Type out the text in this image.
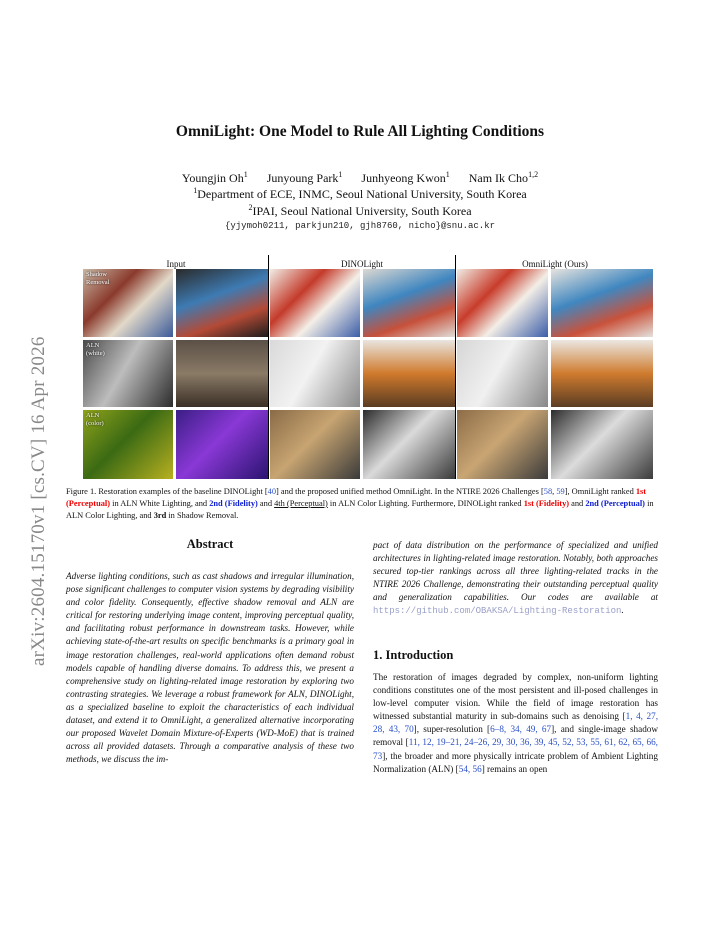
arXiv:2604.15170v1 [cs.CV] 16 Apr 2026
OmniLight: One Model to Rule All Lighting Conditions
Youngjin Oh$^1$ Junyoung Park$^1$ Junhyeong Kwon$^1$ Nam Ik Cho$^{1,2}$
$^1$Department of ECE, INMC, Seoul National University, South Korea
$^2$IPAI, Seoul National University, South Korea
{yjymoh0211, parkjun210, gjh8760, nicho}@snu.ac.kr
Input	DINOLight	OmniLight (Ours)
Shadow
Removal
ALN
(white)
ALN
(color)
Figure 1. Restoration examples of the baseline DINOLight [40] and the proposed unified method OmniLight. In the NTIRE 2026 Challenges [58, 59], OmniLight ranked 1st (Perceptual) in ALN White Lighting, and 2nd (Fidelity) and 4th (Perceptual) in ALN Color Lighting. Furthermore, DINOLight ranked 1st (Fidelity) and 2nd (Perceptual) in ALN Color Lighting, and 3rd in Shadow Removal.
Abstract
Adverse lighting conditions, such as cast shadows and irregular illumination, pose significant challenges to computer vision systems by degrading visibility and color fidelity. Consequently, effective shadow removal and ALN are critical for restoring underlying image content, improving perceptual quality, and facilitating robust performance in downstream tasks. However, while achieving state-of-the-art results on specific benchmarks is a primary goal in image restoration challenges, real-world applications often demand robust models capable of handling diverse domains. To address this, we present a comprehensive study on lighting-related image restoration by exploring two contrasting strategies. We leverage a robust framework for ALN, DINOLight, as a specialized baseline to exploit the characteristics of each individual dataset, and extend it to OmniLight, a generalized alternative incorporating our proposed Wavelet Domain Mixture-of-Experts (WD-MoE) that is trained across all provided datasets. Through a comparative analysis of these two methods, we discuss the im-
pact of data distribution on the performance of specialized and unified architectures in lighting-related image restoration. Notably, both approaches secured top-tier rankings across all three lighting-related tracks in the NTIRE 2026 Challenge, demonstrating their outstanding perceptual quality and generalization capabilities. Our codes are available at https://github.com/OBAKSA/Lighting-Restoration.
1. Introduction
The restoration of images degraded by complex, non-uniform lighting conditions constitutes one of the most persistent and ill-posed challenges in low-level computer vision. While the field of image restoration has witnessed substantial maturity in sub-domains such as denoising [1, 4, 27, 28, 43, 70], super-resolution [6–8, 34, 49, 67], and single-image shadow removal [11, 12, 19–21, 24–26, 29, 30, 36, 39, 45, 52, 53, 55, 61, 62, 65, 66, 73], the broader and more physically intricate problem of Ambient Lighting Normalization (ALN) [54, 56] remains an open
